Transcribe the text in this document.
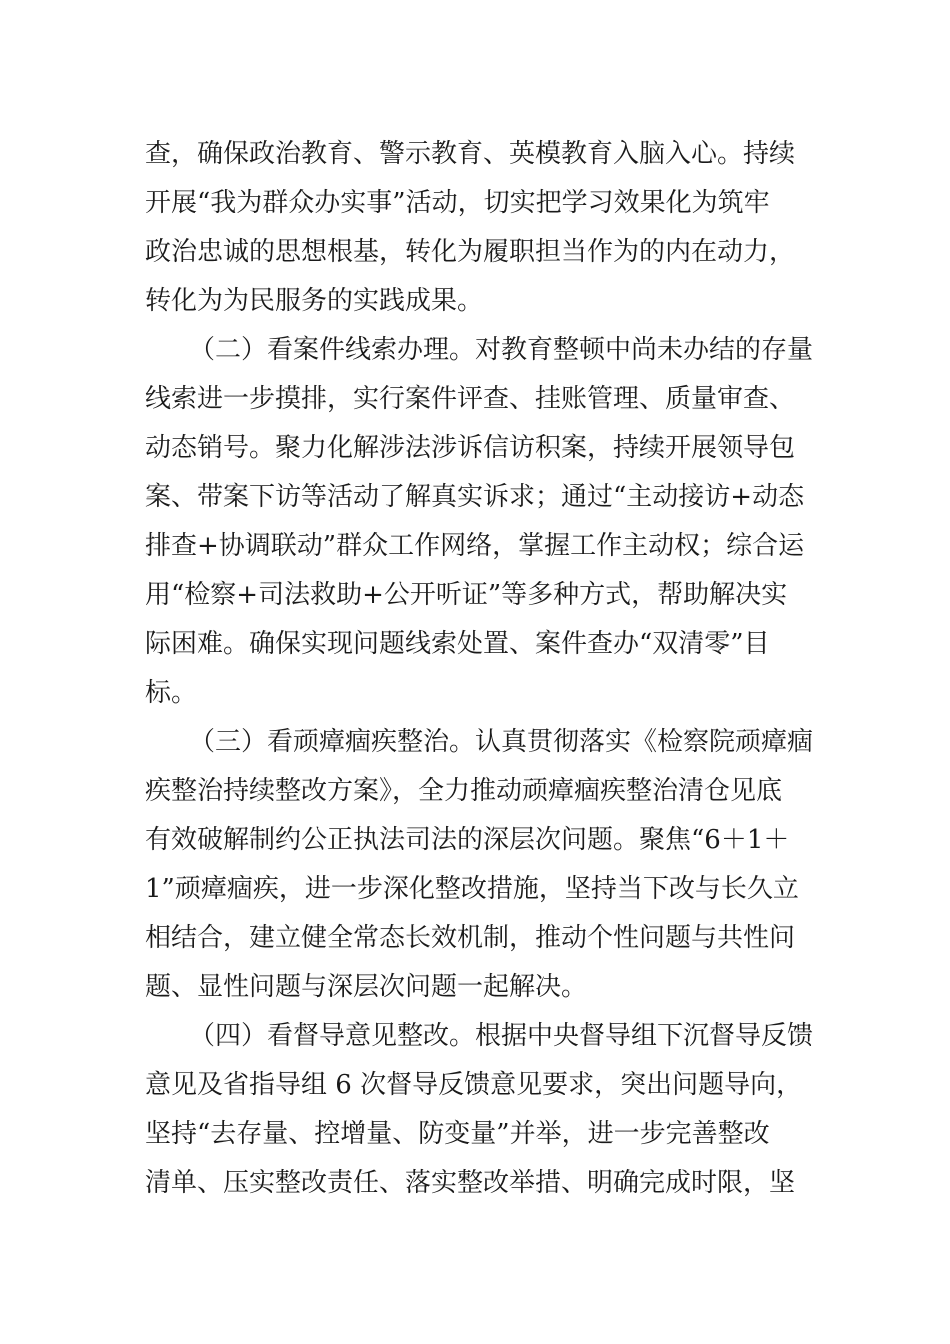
查，确保政治教育、警示教育、英模教育入脑入心。持续
开展“我为群众办实事”活动，切实把学习效果化为筑牢
政治忠诚的思想根基，转化为履职担当作为的内在动力，
转化为为民服务的实践成果。
（二）看案件线索办理。对教育整顿中尚未办结的存量
线索进一步摸排，实行案件评查、挂账管理、质量审查、
动态销号。聚力化解涉法涉诉信访积案，持续开展领导包
案、带案下访等活动了解真实诉求；通过“主动接访+动态
排查+协调联动”群众工作网络，掌握工作主动权；综合运
用“检察+司法救助+公开听证”等多种方式，帮助解决实
际困难。确保实现问题线索处置、案件查办“双清零”目
标。
（三）看顽瘴痼疾整治。认真贯彻落实《检察院顽瘴痼
疾整治持续整改方案》，全力推动顽瘴痼疾整治清仓见底
有效破解制约公正执法司法的深层次问题。聚焦“6＋1＋
1”顽瘴痼疾，进一步深化整改措施，坚持当下改与长久立
相结合，建立健全常态长效机制，推动个性问题与共性问
题、显性问题与深层次问题一起解决。
（四）看督导意见整改。根据中央督导组下沉督导反馈
意见及省指导组 6 次督导反馈意见要求，突出问题导向，
坚持“去存量、控增量、防变量”并举，进一步完善整改
清单、压实整改责任、落实整改举措、明确完成时限，坚
